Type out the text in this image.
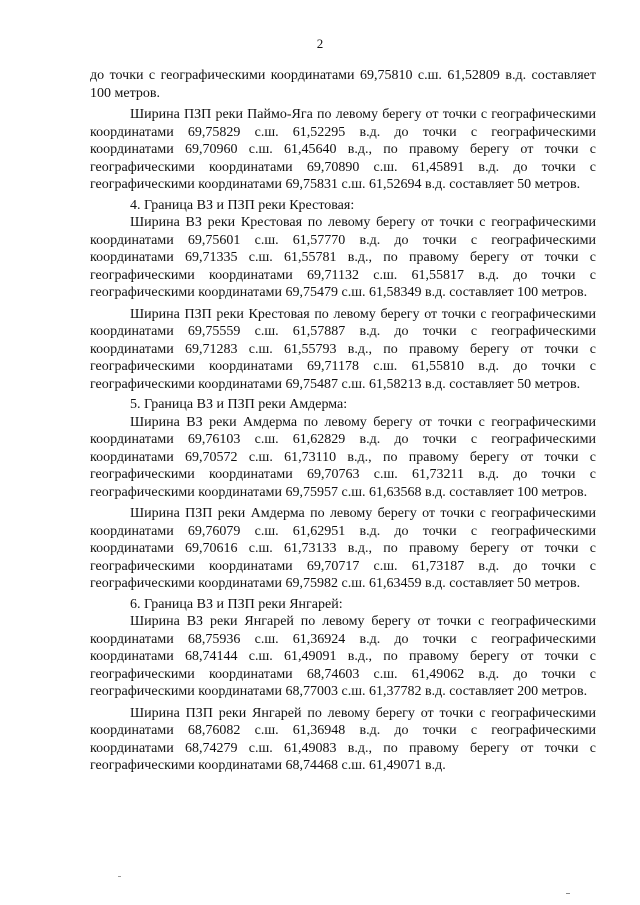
2

до точки с географическими координатами 69,75810 с.ш. 61,52809 в.д. составляет 100 метров.

Ширина ПЗП реки Паймо-Яга по левому берегу от точки с географическими координатами 69,75829 с.ш. 61,52295 в.д. до точки с географическими координатами 69,70960 с.ш. 61,45640 в.д., по правому берегу от точки с географическими координатами 69,70890 с.ш. 61,45891 в.д. до точки с географическими координатами 69,75831 с.ш. 61,52694 в.д. составляет 50 метров.

4. Граница ВЗ и ПЗП реки Крестовая:

Ширина ВЗ реки Крестовая по левому берегу от точки с географическими координатами 69,75601 с.ш. 61,57770 в.д. до точки с географическими координатами 69,71335 с.ш. 61,55781 в.д., по правому берегу от точки с географическими координатами 69,71132 с.ш. 61,55817 в.д. до точки с географическими координатами 69,75479 с.ш. 61,58349 в.д. составляет 100 метров.

Ширина ПЗП реки Крестовая по левому берегу от точки с географическими координатами 69,75559 с.ш. 61,57887 в.д. до точки с географическими координатами 69,71283 с.ш. 61,55793 в.д., по правому берегу от точки с географическими координатами 69,71178 с.ш. 61,55810 в.д. до точки с географическими координатами 69,75487 с.ш. 61,58213 в.д. составляет 50 метров.

5. Граница ВЗ и ПЗП реки Амдерма:

Ширина ВЗ реки Амдерма по левому берегу от точки с географическими координатами 69,76103 с.ш. 61,62829 в.д. до точки с географическими координатами 69,70572 с.ш. 61,73110 в.д., по правому берегу от точки с географическими координатами 69,70763 с.ш. 61,73211 в.д. до точки с географическими координатами 69,75957 с.ш. 61,63568 в.д. составляет 100 метров.

Ширина ПЗП реки Амдерма по левому берегу от точки с географическими координатами 69,76079 с.ш. 61,62951 в.д. до точки с географическими координатами 69,70616 с.ш. 61,73133 в.д., по правому берегу от точки с географическими координатами 69,70717 с.ш. 61,73187 в.д. до точки с географическими координатами 69,75982 с.ш. 61,63459 в.д. составляет 50 метров.

6. Граница ВЗ и ПЗП реки Янгарей:

Ширина ВЗ реки Янгарей по левому берегу от точки с географическими координатами 68,75936 с.ш. 61,36924 в.д. до точки с географическими координатами 68,74144 с.ш. 61,49091 в.д., по правому берегу от точки с географическими координатами 68,74603 с.ш. 61,49062 в.д. до точки с географическими координатами 68,77003 с.ш. 61,37782 в.д. составляет 200 метров.

Ширина ПЗП реки Янгарей по левому берегу от точки с географическими координатами 68,76082 с.ш. 61,36948 в.д. до точки с географическими координатами 68,74279 с.ш. 61,49083 в.д., по правому берегу от точки с географическими координатами 68,74468 с.ш. 61,49071 в.д.
